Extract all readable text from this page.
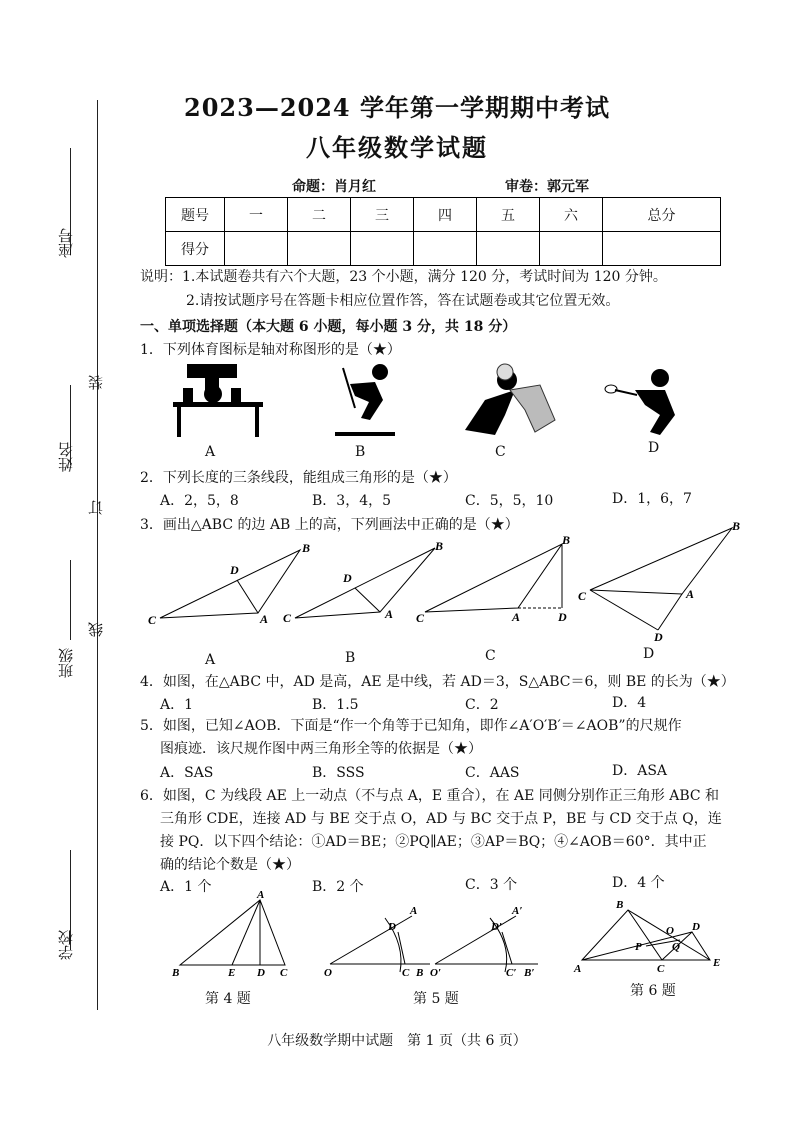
座号
姓名
班级
学校
装
订
线
2023—2024 学年第一学期期中考试
八年级数学试题
命题：肖月红	审卷：郭元军
题号	一	二	三	四	五	六	总分
得分							
说明：1.本试题卷共有六个大题，23 个小题，满分 120 分，考试时间为 120 分钟。
2.请按试题序号在答题卡相应位置作答，答在试题卷或其它位置无效。
一、单项选择题（本大题 6 小题，每小题 3 分，共 18 分）
1．下列体育图标是轴对称图形的是（★）
A	B	C	D
2．下列长度的三条线段，能组成三角形的是（★）
A．2，5，8	B．3，4，5	C．5，5，10	D．1，6，7
3．画出△ABC 的边 AB 上的高，下列画法中正确的是（★）
C
B
A
D
C
B
A
D
C
B
A	D
C
B
A
D
A	B	C	D
4．如图，在△ABC 中，AD 是高，AE 是中线，若 AD＝3，S△ABC＝6，则 BE 的长为（★）
A．1	B．1.5	C．2	D．4
5．如图，已知∠AOB．下面是“作一个角等于已知角，即作∠A′O′B′＝∠AOB”的尺规作
图痕迹．该尺规作图中两三角形全等的依据是（★）
A．SAS	B．SSS	C．AAS	D．ASA
6．如图，C 为线段 AE 上一动点（不与点 A，E 重合），在 AE 同侧分别作正三角形 ABC 和
三角形 CDE，连接 AD 与 BE 交于点 O，AD 与 BC 交于点 P，BE 与 CD 交于点 Q，连
接 PQ．以下四个结论：①AD＝BE；②PQ∥AE；③AP＝BQ；④∠AOB＝60°．其中正
确的结论个数是（★）
A．1 个	B．2 个	C．3 个	D．4 个
A
B	E D C	O
A
D
C B O′
A′
D′
C′ B′
B
A	C	E
D
O
P	Q
第 4 题	第 5 题	第 6 题
八年级数学期中试题　第 1 页（共 6 页）
